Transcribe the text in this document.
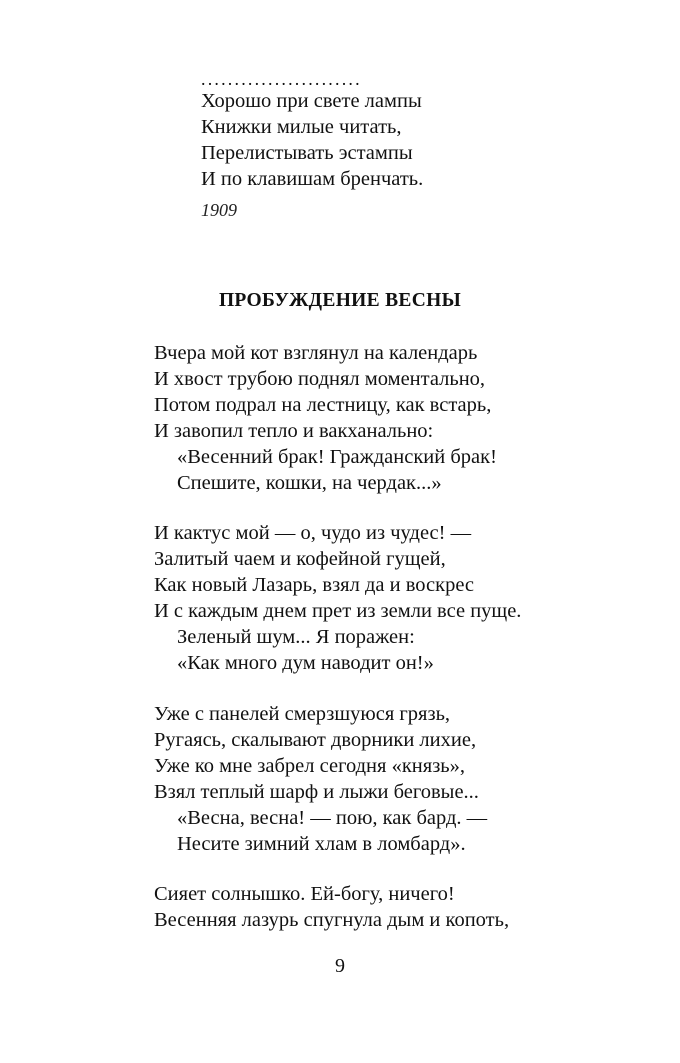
........................
Хорошо при свете лампы
Книжки милые читать,
Перелистывать эстампы
И по клавишам бренчать.
1909
ПРОБУЖДЕНИЕ ВЕСНЫ
Вчера мой кот взглянул на календарь
И хвост трубою поднял моментально,
Потом подрал на лестницу, как встарь,
И завопил тепло и вакханально:
«Весенний брак! Гражданский брак!
Спешите, кошки, на чердак...»
И кактус мой — о, чудо из чудес! —
Залитый чаем и кофейной гущей,
Как новый Лазарь, взял да и воскрес
И с каждым днем прет из земли все пуще.
Зеленый шум... Я поражен:
«Как много дум наводит он!»
Уже с панелей смерзшуюся грязь,
Ругаясь, скалывают дворники лихие,
Уже ко мне забрел сегодня «князь»,
Взял теплый шарф и лыжи беговые...
«Весна, весна! — пою, как бард. —
Несите зимний хлам в ломбард».
Сияет солнышко. Ей-богу, ничего!
Весенняя лазурь спугнула дым и копоть,
9
